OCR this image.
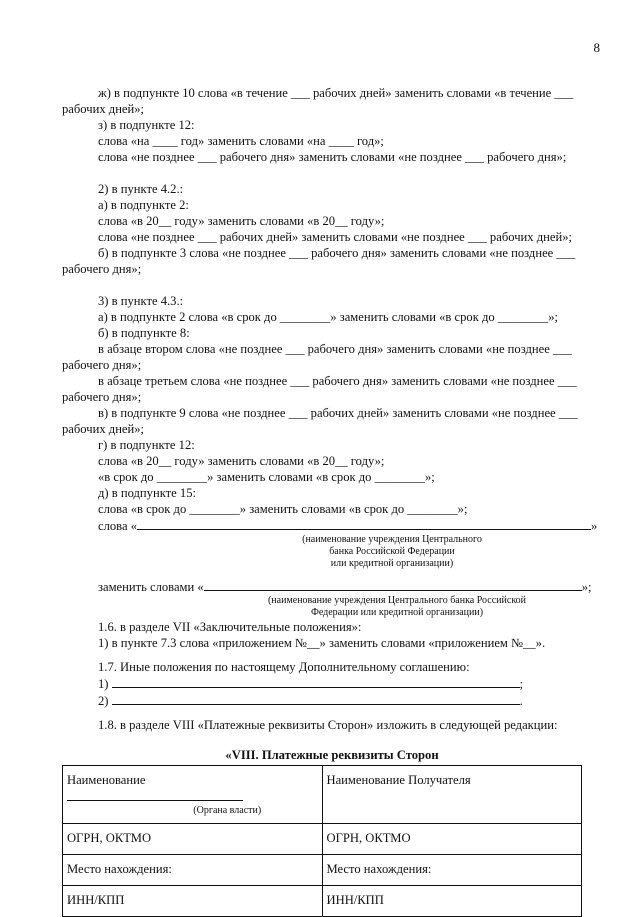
8
ж) в подпункте 10 слова «в течение ___ рабочих дней» заменить словами «в течение ___
рабочих дней»;
з) в подпункте 12:
слова «на ____ год» заменить словами «на ____ год»;
слова «не позднее ___ рабочего дня» заменить словами «не позднее ___ рабочего дня»;
2) в пункте 4.2.:
а) в подпункте 2:
слова «в 20__ году» заменить словами «в 20__ году»;
слова «не позднее ___ рабочих дней» заменить словами «не позднее ___ рабочих дней»;
б) в подпункте 3 слова «не позднее ___ рабочего дня» заменить словами «не позднее ___
рабочего дня»;
3) в пункте 4.3.:
а) в подпункте 2 слова «в срок до ________» заменить словами «в срок до ________»;
б) в подпункте 8:
в абзаце втором слова «не позднее ___ рабочего дня» заменить словами «не позднее ___
рабочего дня»;
в абзаце третьем слова «не позднее ___ рабочего дня» заменить словами «не позднее ___
рабочего дня»;
в) в подпункте 9 слова «не позднее ___ рабочих дней» заменить словами «не позднее ___
рабочих дней»;
г) в подпункте 12:
слова «в 20__ году» заменить словами «в 20__ году»;
«в срок до ________» заменить словами «в срок до ________»;
д) в подпункте 15:
слова «в срок до ________» заменить словами «в срок до ________»;
слова «	»
(наименование учреждения Центрального
банка Российской Федерации
или кредитной организации)
заменить словами «	»;
(наименование учреждения Центрального банка Российской
Федерации или кредитной организации)
1.6. в разделе VII «Заключительные положения»:
1) в пункте 7.3 слова «приложением №__» заменить словами «приложением №__».
1.7. Иные положения по настоящему Дополнительному соглашению:
1)	;
2)	.
1.8. в разделе VIII «Платежные реквизиты Сторон» изложить в следующей редакции:
«VIII. Платежные реквизиты Сторон
Наименование
(Органа власти)	Наименование Получателя
ОГРН, ОКТМО	ОГРН, ОКТМО
Место нахождения:	Место нахождения:
ИНН/КПП	ИНН/КПП
